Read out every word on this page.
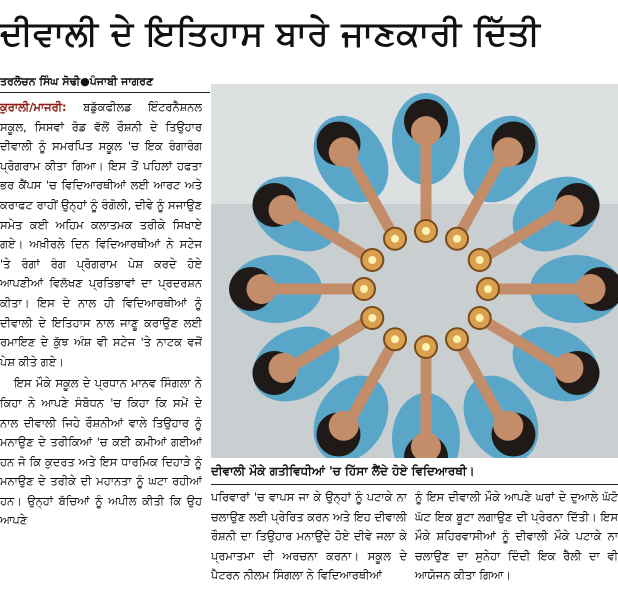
ਦੀਵਾਲੀ ਦੇ ਇਤਿਹਾਸ ਬਾਰੇ ਜਾਣਕਾਰੀ ਦਿੱਤੀ
ਤਰਲੋਚਨ ਸਿੰਘ ਸੋਢੀ●ਪੰਜਾਬੀ ਜਾਗਰਣ

ਕੁਰਾਲੀ/ਮਾਜਰੀ: ਬਡੁੱਕਫੀਲਡ ਇੰਟਰਨੈਸ਼ਨਲ ਸਕੂਲ, ਸਿਸਵਾਂ ਰੋਡ ਵੱਲੋਂ ਰੌਸ਼ਨੀ ਦੇ ਤਿਉਹਾਰ ਦੀਵਾਲੀ ਨੂੰ ਸਮਰਪਿਤ ਸਕੂਲ 'ਚ ਇਕ ਰੰਗਾਰੰਗ ਪ੍ਰੋਗਰਾਮ ਕੀਤਾ ਗਿਆ। ਇਸ ਤੋਂ ਪਹਿਲਾਂ ਹਫਤਾ ਭਰ ਕੈਂਪਸ 'ਚ ਵਿਦਿਆਰਥੀਆਂ ਲਈ ਆਰਟ ਅਤੇ ਕਰਾਫਟ ਰਾਹੀਂ ਉਨ੍ਹਾਂ ਨੂੰ ਰੰਗੋਲੀ, ਦੀਵੇ ਨੂੰ ਸਜਾਉਣ ਸਮੇਤ ਕਈ ਅਹਿਮ ਕਲਾਤਮਕ ਤਰੀਕੇ ਸਿਖਾਏ ਗਏ। ਅਖ਼ੀਰਲੇ ਦਿਨ ਵਿਦਿਆਰਥੀਆਂ ਨੇ ਸਟੇਜ 'ਤੇ ਰੰਗਾਂ ਰੰਗ ਪ੍ਰੋਗਰਾਮ ਪੇਸ਼ ਕਰਦੇ ਹੋਏ ਆਪਣੀਆਂ ਵਿਲੱਖਣ ਪ੍ਰਤਿਭਾਵਾਂ ਦਾ ਪ੍ਰਦਰਸ਼ਨ ਕੀਤਾ। ਇਸ ਦੇ ਨਾਲ ਹੀ ਵਿਦਿਆਰਥੀਆਂ ਨੂੰ ਦੀਵਾਲੀ ਦੇ ਇਤਿਹਾਸ ਨਾਲ ਜਾਣੂ ਕਰਾਉਣ ਲਈ ਰਮਾਇਣ ਦੇ ਕੁੱਝ ਅੰਸ਼ ਵੀ ਸਟੇਜ 'ਤੇ ਨਾਟਕ ਵਜੋਂ ਪੇਸ਼ ਕੀਤੇ ਗਏ।

ਇਸ ਮੌਕੇ ਸਕੂਲ ਦੇ ਪ੍ਰਧਾਨ ਮਾਨਵ ਸਿੰਗਲਾ ਨੇ ਕਿਹਾ ਨੇ ਆਪਣੇ ਸੰਬੋਧਨ 'ਚ ਕਿਹਾ ਕਿ ਸਮੇਂ ਦੇ ਨਾਲ ਦੀਵਾਲੀ ਜਿਹੇ ਰੌਸ਼ਨੀਆਂ ਵਾਲੇ ਤਿਉਹਾਰ ਨੂੰ ਮਨਾਉਣ ਦੇ ਤਰੀਕਿਆਂ 'ਚ ਕਈ ਕਮੀਆਂ ਗਈਆਂ ਹਨ ਜੋ ਕਿ ਕੁਦਰਤ ਅਤੇ ਇਸ ਧਾਰਮਿਕ ਦਿਹਾੜੇ ਨੂੰ ਮਨਾਉਣ ਦੇ ਤਰੀਕੇ ਦੀ ਮਹਾਨਤਾ ਨੂੰ ਘਟਾ ਰਹੀਆਂ ਹਨ। ਉਨ੍ਹਾਂ ਬੱਚਿਆਂ ਨੂੰ ਅਪੀਲ ਕੀਤੀ ਕਿ ਉਹ ਆਪਣੇ

ਦੀਵਾਲੀ ਮੌਕੇ ਗਤੀਵਿਧੀਆਂ 'ਚ ਹਿੱਸਾ ਲੈਂਦੇ ਹੋਏ ਵਿਦਿਆਰਥੀ।

ਪਰਿਵਾਰਾਂ 'ਚ ਵਾਪਸ ਜਾ ਕੇ ਉਨ੍ਹਾਂ ਨੂੰ ਪਟਾਕੇ ਨਾ ਚਲਾਉਣ ਲਈ ਪ੍ਰੇਰਿਤ ਕਰਨ ਅਤੇ ਇਹ ਦੀਵਾਲੀ ਰੌਸ਼ਨੀ ਦਾ ਤਿਉਹਾਰ ਮਨਾਉਂਦੇ ਹੋਏ ਦੀਵੇ ਜਲਾ ਕੇ ਪ੍ਰਮਾਤਮਾ ਦੀ ਅਰਚਨਾ ਕਰਨਾ। ਸਕੂਲ ਦੇ ਪੈਟਰਨ ਨੀਲਮ ਸਿੰਗਲਾ ਨੇ ਵਿਦਿਆਰਥੀਆਂ

ਨੂੰ ਇਸ ਦੀਵਾਲੀ ਮੌਕੇ ਆਪਣੇ ਘਰਾਂ ਦੇ ਦੁਆਲੇ ਘੱਟੋ ਘੱਟ ਇਕ ਬੂਟਾ ਲਗਾਉਣ ਦੀ ਪ੍ਰੇਰਨਾ ਦਿੱਤੀ। ਇਸ ਮੌਕੇ ਸ਼ਹਿਰਵਾਸੀਆਂ ਨੂੰ ਦੀਵਾਲੀ ਮੌਕੇ ਪਟਾਕੇ ਨਾ ਚਲਾਉਣ ਦਾ ਸੁਨੇਹਾ ਦਿੰਦੀ ਇਕ ਰੈਲੀ ਦਾ ਵੀ ਆਯੋਜਨ ਕੀਤਾ ਗਿਆ।
